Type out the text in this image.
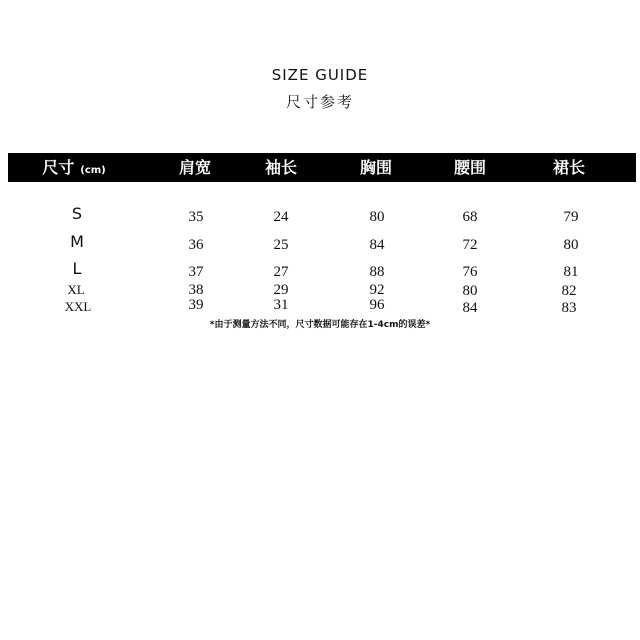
SIZE GUIDE
尺寸参考
尺寸 (cm)	肩宽	袖长	胸围	腰围	裙长
S	35	24	80	68	79
M	36	25	84	72	80
L	37	27	88	76	81
XL	38	29	92	80	82
XXL	39	31	96	84	83
*由于测量方法不同，尺寸数据可能存在1-4cm的误差*
